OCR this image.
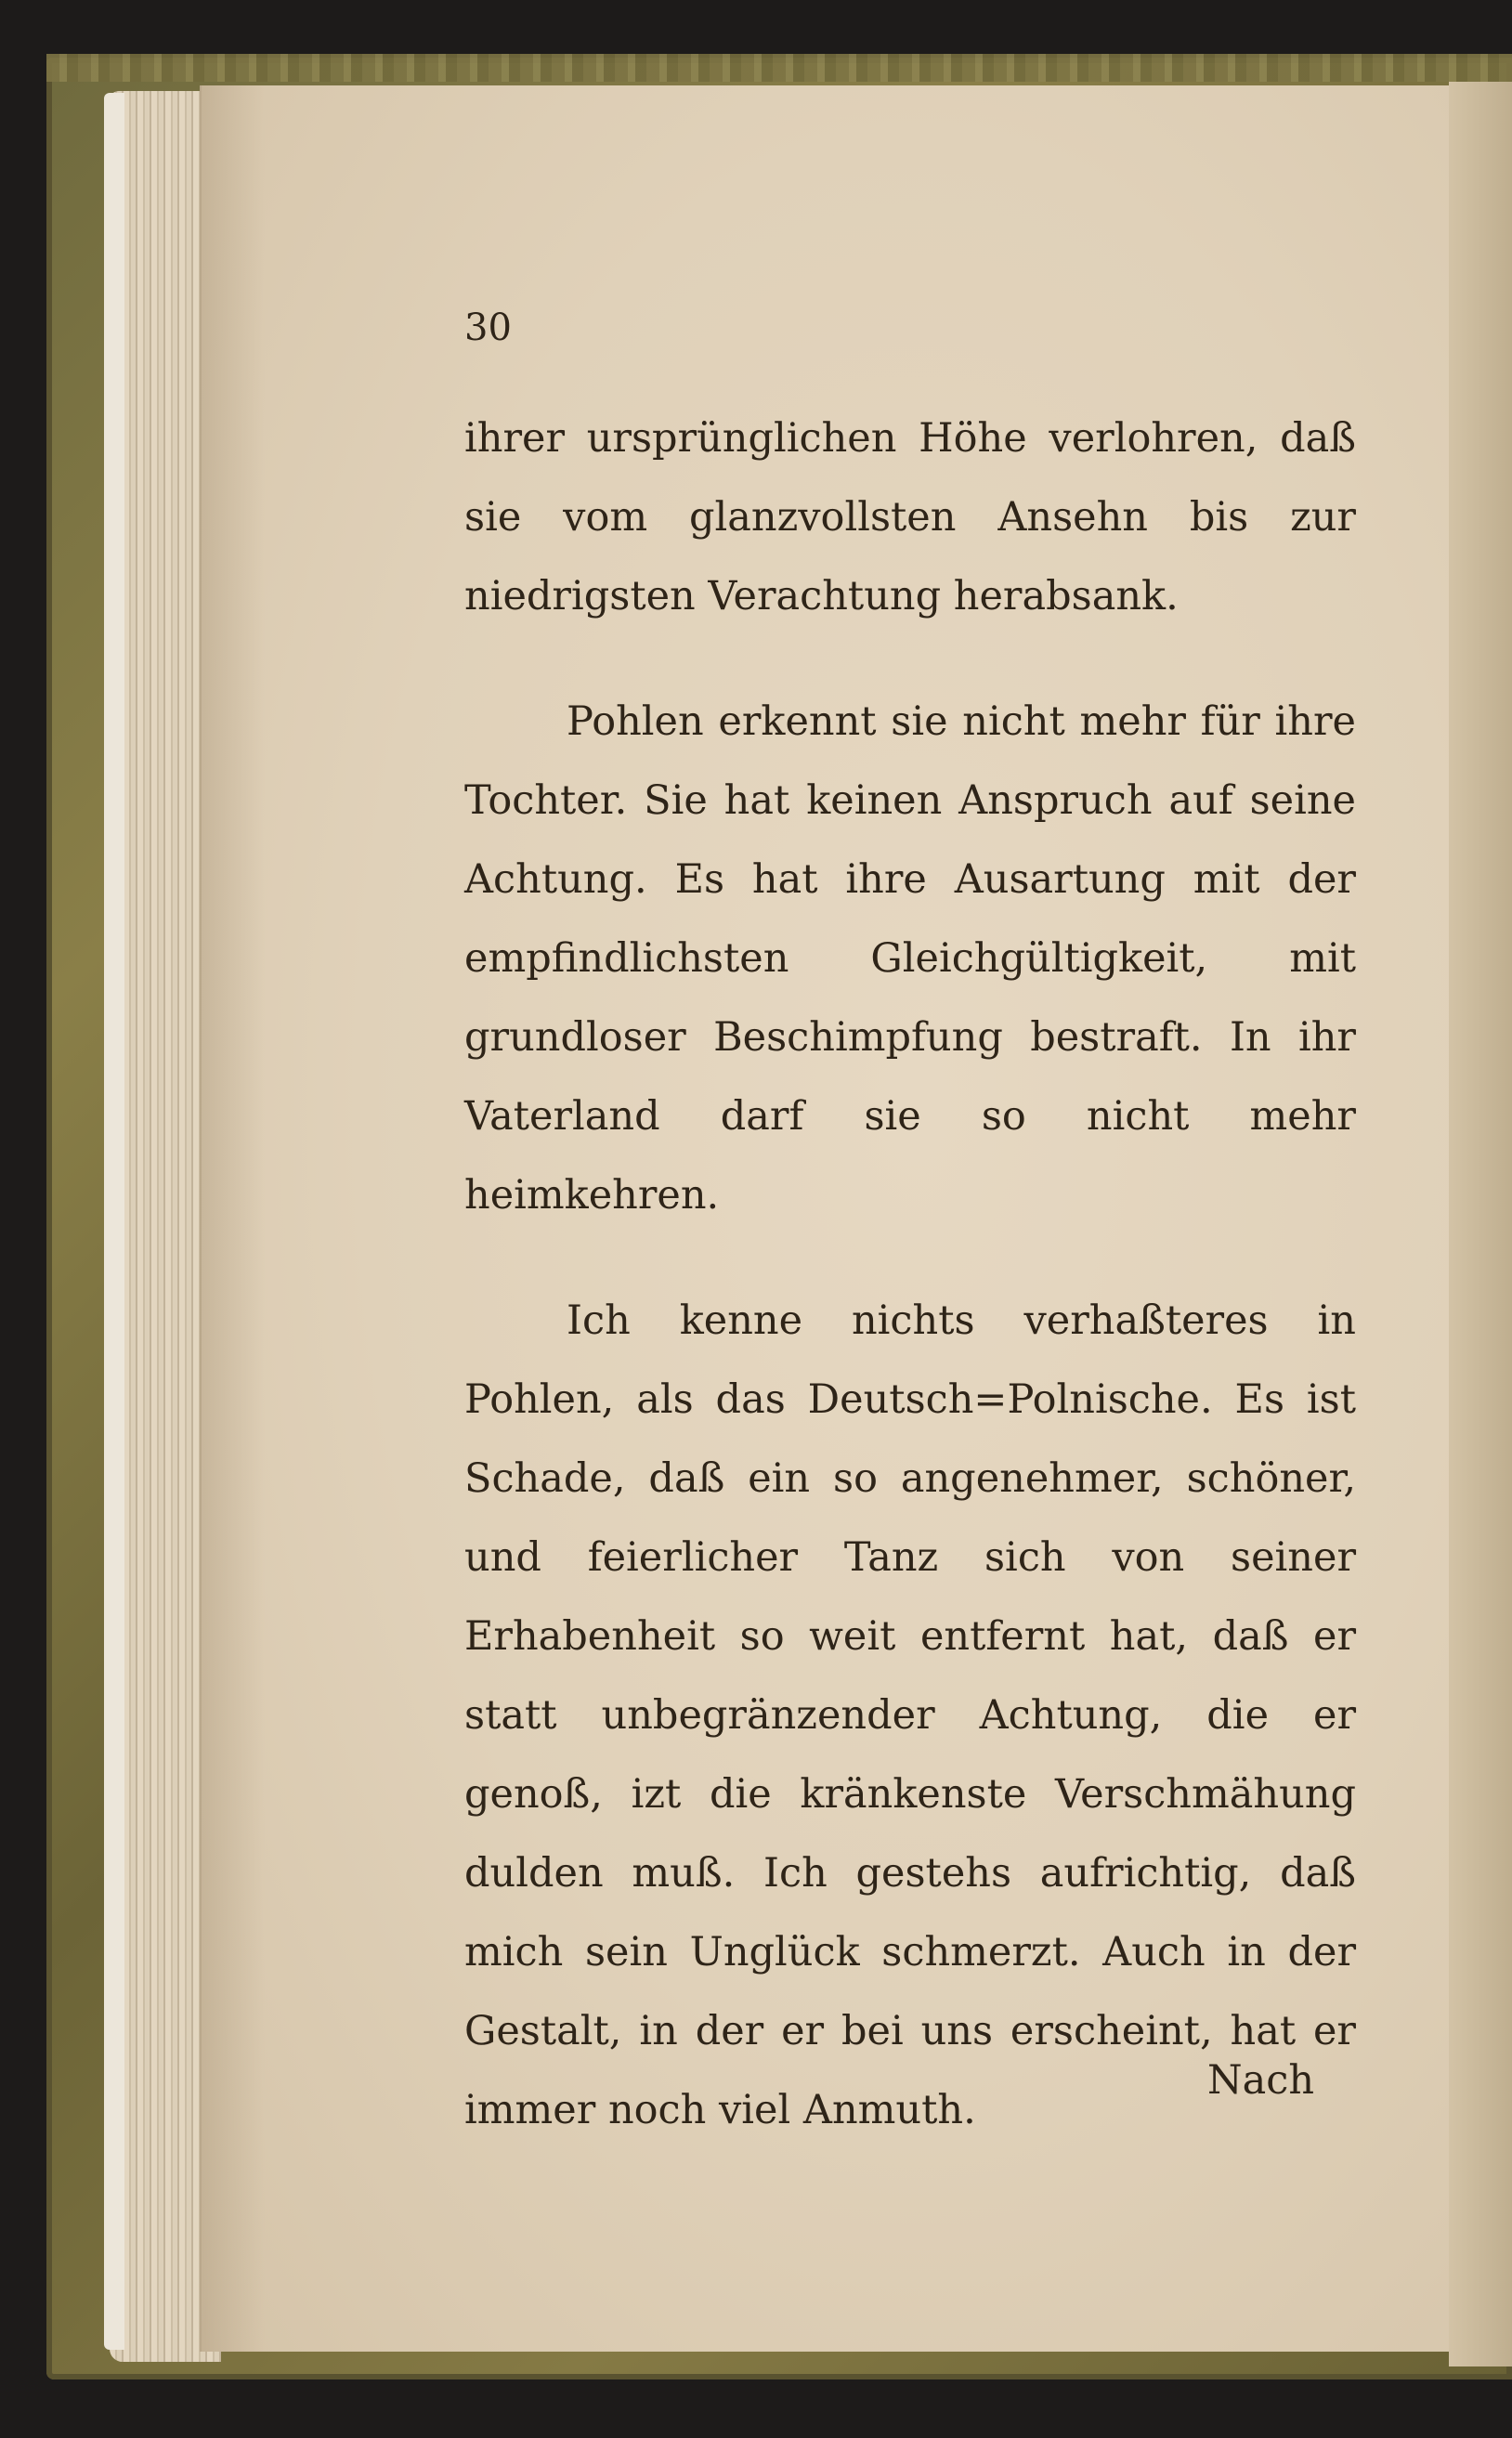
30

ihrer ursprünglichen Höhe verlohren, daß sie vom glanzvollsten Ansehn bis zur niedrigsten Verachtung herabsank.

Pohlen erkennt sie nicht mehr für ihre Tochter. Sie hat keinen Anspruch auf seine Achtung. Es hat ihre Ausartung mit der empfindlichsten Gleichgültigkeit, mit grundloser Beschimpfung bestraft. In ihr Vaterland darf sie so nicht mehr heimkehren.

Ich kenne nichts verhaßteres in Pohlen, als das Deutsch=Polnische. Es ist Schade, daß ein so angenehmer, schöner, und feierlicher Tanz sich von seiner Erhabenheit so weit entfernt hat, daß er statt unbegränzender Achtung, die er genoß, izt die kränkenste Verschmähung dulden muß. Ich gestehs aufrichtig, daß mich sein Unglück schmerzt. Auch in der Gestalt, in der er bei uns erscheint, hat er immer noch viel Anmuth.

Nach
